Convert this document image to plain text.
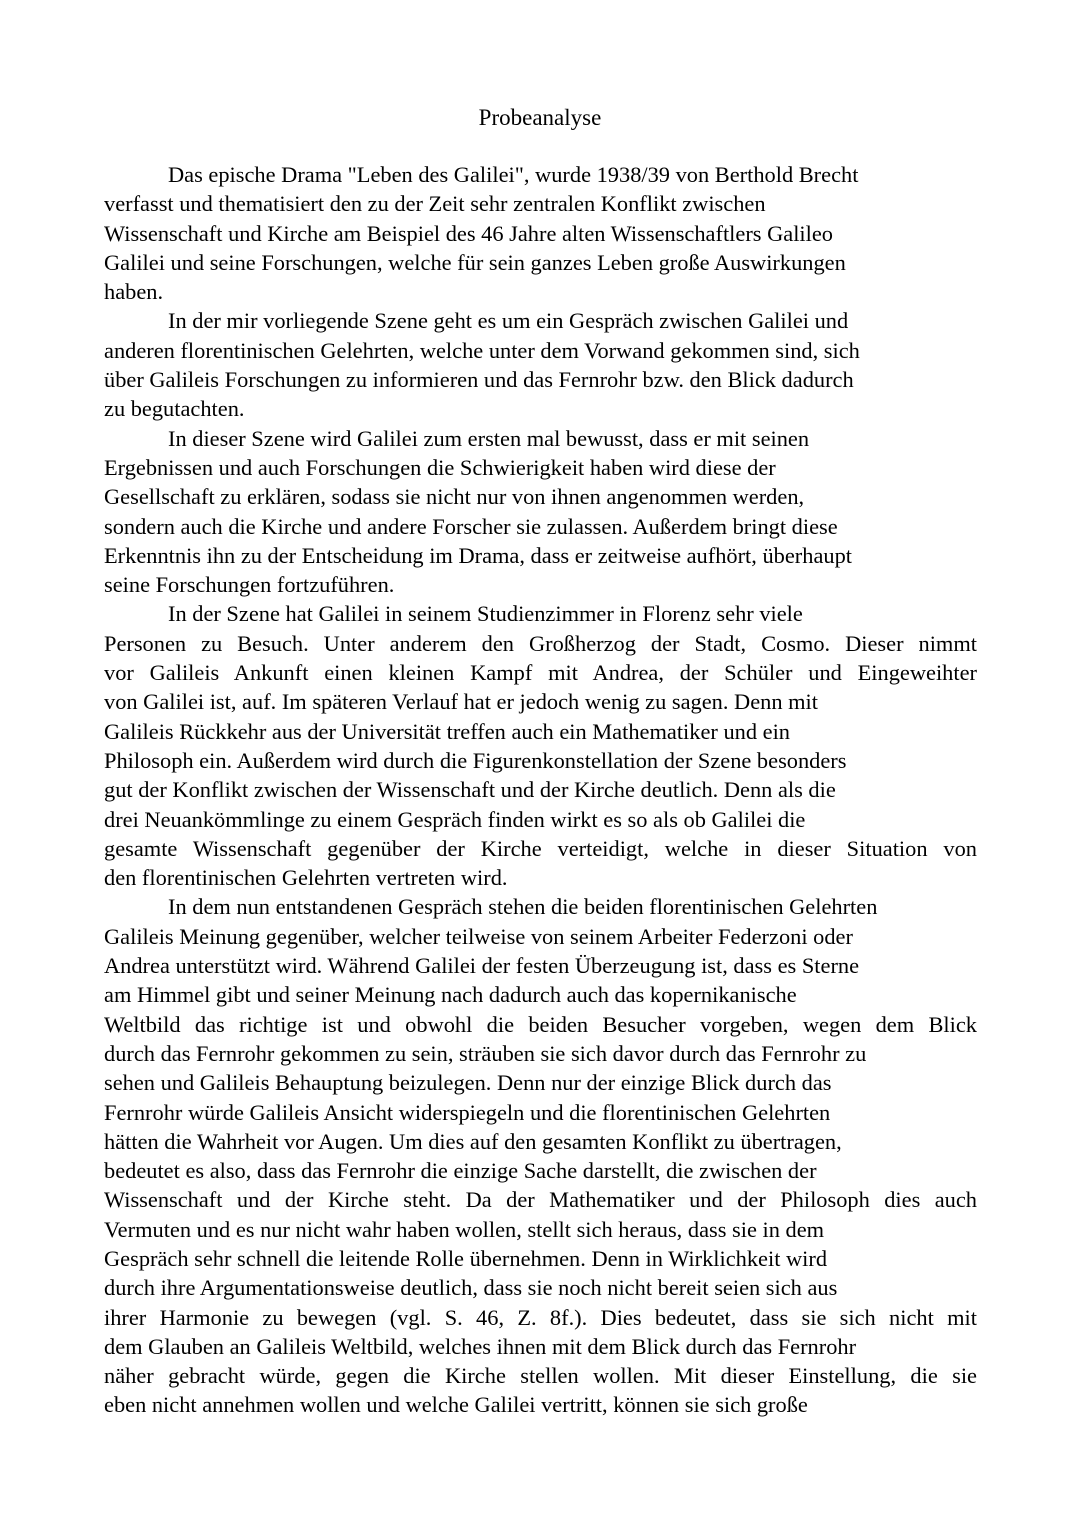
Probeanalyse
Das epische Drama "Leben des Galilei", wurde 1938/39 von Berthold Brecht
verfasst und thematisiert den zu der Zeit sehr zentralen Konflikt zwischen
Wissenschaft und Kirche am Beispiel des 46 Jahre alten Wissenschaftlers Galileo
Galilei und seine Forschungen, welche für sein ganzes Leben große Auswirkungen
haben.
In der mir vorliegende Szene geht es um ein Gespräch zwischen Galilei und
anderen florentinischen Gelehrten, welche unter dem Vorwand gekommen sind, sich
über Galileis Forschungen zu informieren und das Fernrohr bzw. den Blick dadurch
zu begutachten.
In dieser Szene wird Galilei zum ersten mal bewusst, dass er mit seinen
Ergebnissen und auch Forschungen die Schwierigkeit haben wird diese der
Gesellschaft zu erklären, sodass sie nicht nur von ihnen angenommen werden,
sondern auch die Kirche und andere Forscher sie zulassen. Außerdem bringt diese
Erkenntnis ihn zu der Entscheidung im Drama, dass er zeitweise aufhört, überhaupt
seine Forschungen fortzuführen.
In der Szene hat Galilei in seinem Studienzimmer in Florenz sehr viele
Personen zu Besuch. Unter anderem den Großherzog der Stadt, Cosmo. Dieser nimmt
vor Galileis Ankunft einen kleinen Kampf mit Andrea, der Schüler und Eingeweihter
von Galilei ist, auf. Im späteren Verlauf hat er jedoch wenig zu sagen. Denn mit
Galileis Rückkehr aus der Universität treffen auch ein Mathematiker und ein
Philosoph ein. Außerdem wird durch die Figurenkonstellation der Szene besonders
gut der Konflikt zwischen der Wissenschaft und der Kirche deutlich. Denn als die
drei Neuankömmlinge zu einem Gespräch finden wirkt es so als ob Galilei die
gesamte Wissenschaft gegenüber der Kirche verteidigt, welche in dieser Situation von
den florentinischen Gelehrten vertreten wird.
In dem nun entstandenen Gespräch stehen die beiden florentinischen Gelehrten
Galileis Meinung gegenüber, welcher teilweise von seinem Arbeiter Federzoni oder
Andrea unterstützt wird. Während Galilei der festen Überzeugung ist, dass es Sterne
am Himmel gibt und seiner Meinung nach dadurch auch das kopernikanische
Weltbild das richtige ist und obwohl die beiden Besucher vorgeben, wegen dem Blick
durch das Fernrohr gekommen zu sein, sträuben sie sich davor durch das Fernrohr zu
sehen und Galileis Behauptung beizulegen. Denn nur der einzige Blick durch das
Fernrohr würde Galileis Ansicht widerspiegeln und die florentinischen Gelehrten
hätten die Wahrheit vor Augen. Um dies auf den gesamten Konflikt zu übertragen,
bedeutet es also, dass das Fernrohr die einzige Sache darstellt, die zwischen der
Wissenschaft und der Kirche steht. Da der Mathematiker und der Philosoph dies auch
Vermuten und es nur nicht wahr haben wollen, stellt sich heraus, dass sie in dem
Gespräch sehr schnell die leitende Rolle übernehmen. Denn in Wirklichkeit wird
durch ihre Argumentationsweise deutlich, dass sie noch nicht bereit seien sich aus
ihrer Harmonie zu bewegen (vgl. S. 46, Z. 8f.). Dies bedeutet, dass sie sich nicht mit
dem Glauben an Galileis Weltbild, welches ihnen mit dem Blick durch das Fernrohr
näher gebracht würde, gegen die Kirche stellen wollen. Mit dieser Einstellung, die sie
eben nicht annehmen wollen und welche Galilei vertritt, können sie sich große
